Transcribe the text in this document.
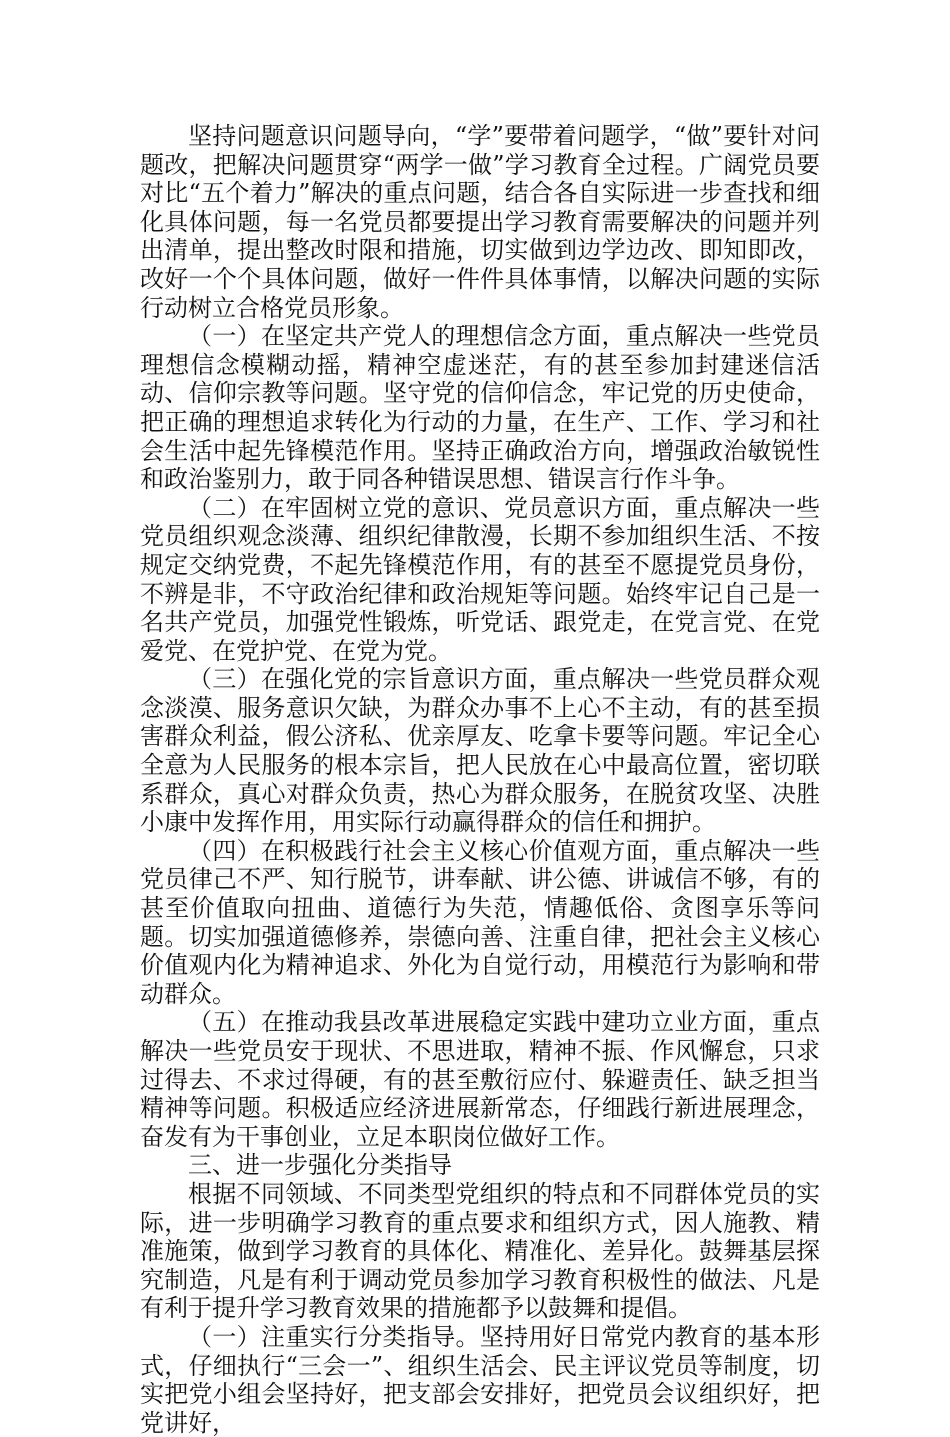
坚持问题意识问题导向，“学”要带着问题学，“做”要针对问题改，把解决问题贯穿“两学一做”学习教育全过程。广阔党员要对比“五个着力”解决的重点问题，结合各自实际进一步查找和细化具体问题，每一名党员都要提出学习教育需要解决的问题并列出清单，提出整改时限和措施，切实做到边学边改、即知即改，改好一个个具体问题，做好一件件具体事情，以解决问题的实际行动树立合格党员形象。

（一）在坚定共产党人的理想信念方面，重点解决一些党员理想信念模糊动摇，精神空虚迷茫，有的甚至参加封建迷信活动、信仰宗教等问题。坚守党的信仰信念，牢记党的历史使命，把正确的理想追求转化为行动的力量，在生产、工作、学习和社会生活中起先锋模范作用。坚持正确政治方向，增强政治敏锐性和政治鉴别力，敢于同各种错误思想、错误言行作斗争。

（二）在牢固树立党的意识、党员意识方面，重点解决一些党员组织观念淡薄、组织纪律散漫，长期不参加组织生活、不按规定交纳党费，不起先锋模范作用，有的甚至不愿提党员身份，不辨是非，不守政治纪律和政治规矩等问题。始终牢记自己是一名共产党员，加强党性锻炼，听党话、跟党走，在党言党、在党爱党、在党护党、在党为党。

（三）在强化党的宗旨意识方面，重点解决一些党员群众观念淡漠、服务意识欠缺，为群众办事不上心不主动，有的甚至损害群众利益，假公济私、优亲厚友、吃拿卡要等问题。牢记全心全意为人民服务的根本宗旨，把人民放在心中最高位置，密切联系群众，真心对群众负责，热心为群众服务，在脱贫攻坚、决胜小康中发挥作用，用实际行动赢得群众的信任和拥护。

（四）在积极践行社会主义核心价值观方面，重点解决一些党员律己不严、知行脱节，讲奉献、讲公德、讲诚信不够，有的甚至价值取向扭曲、道德行为失范，情趣低俗、贪图享乐等问题。切实加强道德修养，崇德向善、注重自律，把社会主义核心价值观内化为精神追求、外化为自觉行动，用模范行为影响和带动群众。

（五）在推动我县改革进展稳定实践中建功立业方面，重点解决一些党员安于现状、不思进取，精神不振、作风懈怠，只求过得去、不求过得硬，有的甚至敷衍应付、躲避责任、缺乏担当精神等问题。积极适应经济进展新常态，仔细践行新进展理念，奋发有为干事创业，立足本职岗位做好工作。

三、进一步强化分类指导

根据不同领域、不同类型党组织的特点和不同群体党员的实际，进一步明确学习教育的重点要求和组织方式，因人施教、精准施策，做到学习教育的具体化、精准化、差异化。鼓舞基层探究制造，凡是有利于调动党员参加学习教育积极性的做法、凡是有利于提升学习教育效果的措施都予以鼓舞和提倡。

（一）注重实行分类指导。坚持用好日常党内教育的基本形式，仔细执行“三会一”、组织生活会、民主评议党员等制度，切实把党小组会坚持好，把支部会安排好，把党员会议组织好，把党讲好，
